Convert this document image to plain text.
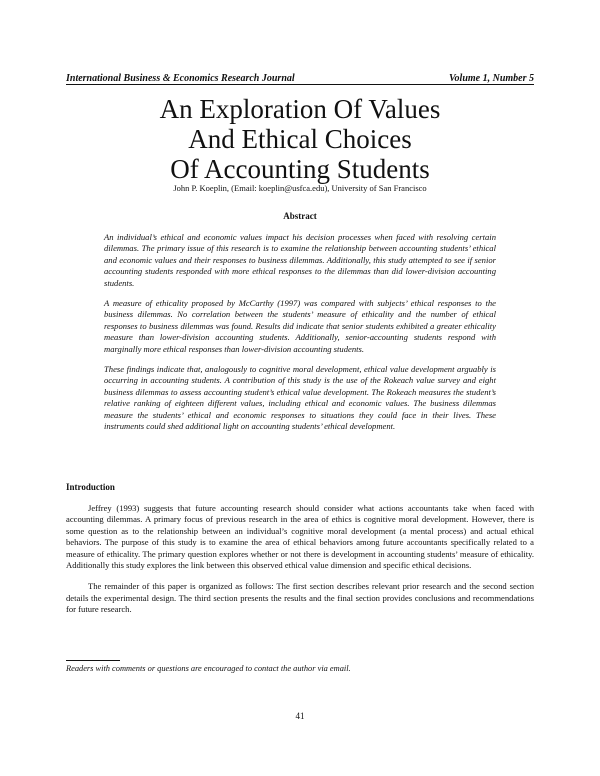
International Business & Economics Research Journal	Volume 1, Number 5
An Exploration Of Values
And Ethical Choices
Of Accounting Students
John P. Koeplin, (Email: koeplin@usfca.edu), University of San Francisco
Abstract

An individual’s ethical and economic values impact his decision processes when faced with resolving certain dilemmas. The primary issue of this research is to examine the relationship between accounting students’ ethical and economic values and their responses to business dilemmas. Additionally, this study attempted to see if senior accounting students responded with more ethical responses to the dilemmas than did lower-division accounting students.

A measure of ethicality proposed by McCarthy (1997) was compared with subjects’ ethical responses to the business dilemmas. No correlation between the students’ measure of ethicality and the number of ethical responses to business dilemmas was found. Results did indicate that senior students exhibited a greater ethicality measure than lower-division accounting students. Additionally, senior-accounting students respond with marginally more ethical responses than lower-division accounting students.

These findings indicate that, analogously to cognitive moral development, ethical value development arguably is occurring in accounting students. A contribution of this study is the use of the Rokeach value survey and eight business dilemmas to assess accounting student’s ethical value development. The Rokeach measures the student’s relative ranking of eighteen different values, including ethical and economic values. The business dilemmas measure the students’ ethical and economic responses to situations they could face in their lives. These instruments could shed additional light on accounting students’ ethical development.

Introduction

Jeffrey (1993) suggests that future accounting research should consider what actions accountants take when faced with accounting dilemmas. A primary focus of previous research in the area of ethics is cognitive moral development. However, there is some question as to the relationship between an individual’s cognitive moral development (a mental process) and actual ethical behaviors. The purpose of this study is to examine the area of ethical behaviors among future accountants specifically related to a measure of ethicality. The primary question explores whether or not there is development in accounting students’ measure of ethicality. Additionally this study explores the link between this observed ethical value dimension and specific ethical decisions.

The remainder of this paper is organized as follows: The first section describes relevant prior research and the second section details the experimental design. The third section presents the results and the final section provides conclusions and recommendations for future research.

Readers with comments or questions are encouraged to contact the author via email.
41
